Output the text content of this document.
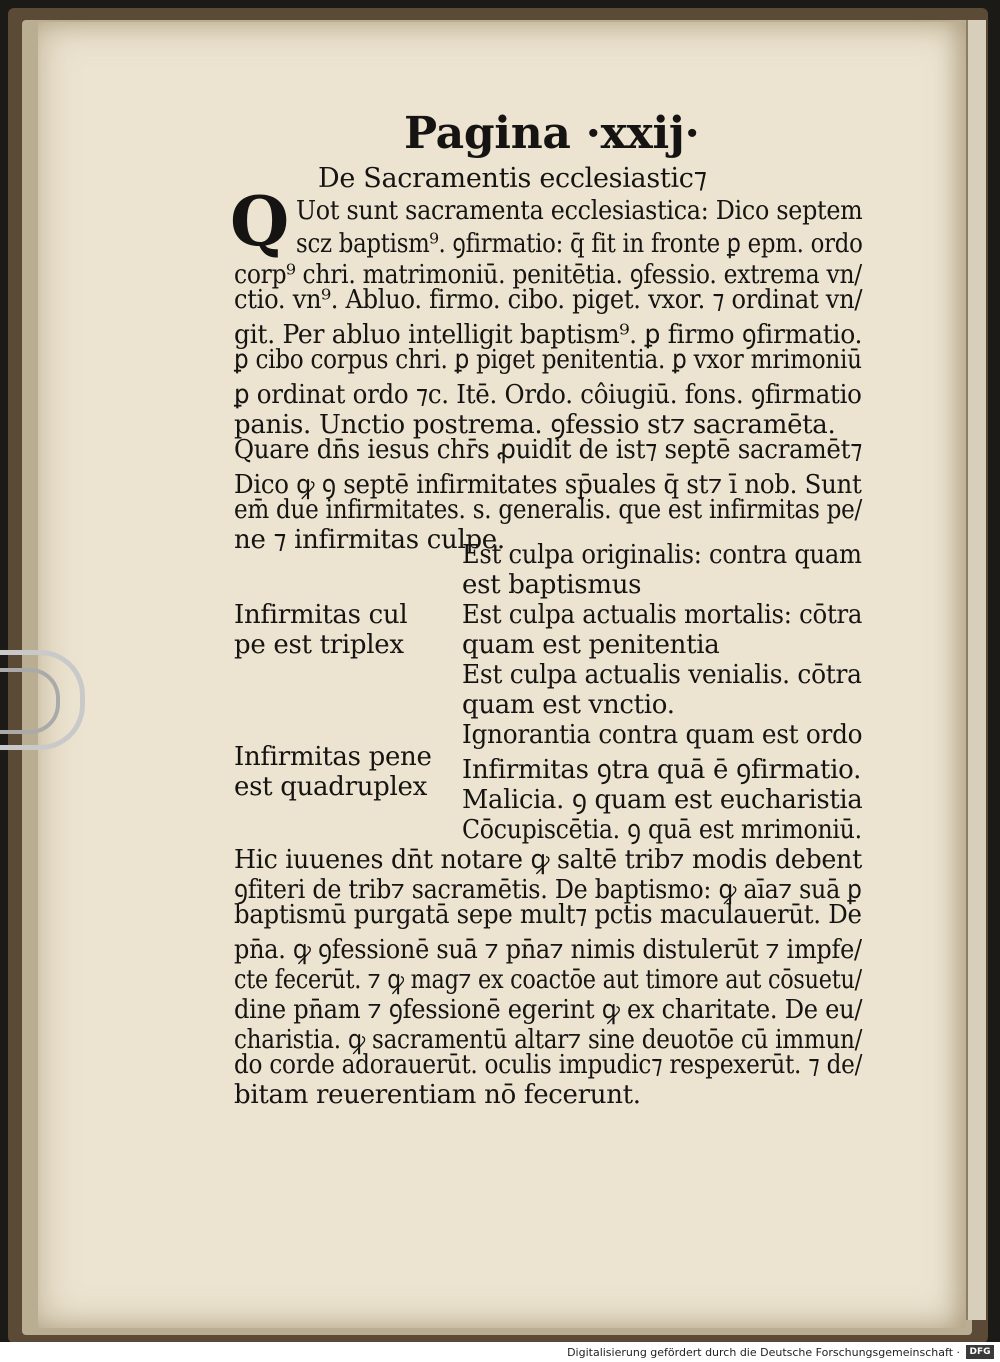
Pagina ·xxij·
De Sacramentis ecclesiastic⁊
Q Uot sunt sacramenta ecclesiastica: Dico septem
scz baptism⁹. ꝯfirmatio: q̄ fit in fronte ꝑ epm. ordo
corp⁹ chri. matrimoniū. penitētia. ꝯfessio. extrema vn/
ctio. vn⁹. Abluo. firmo. cibo. piget. vxor. ⁊ ordinat vn/
git. Per abluo intelligit baptism⁹. ꝑ firmo ꝯfirmatio.
ꝑ cibo corpus chri. ꝑ piget penitentia. ꝑ vxor mrimoniū
ꝑ ordinat ordo ⁊c. Itē. Ordo. côiugiū. fons. ꝯfirmatio
panis. Unctio postrema. ꝯfessio st⁊ sacramēta.
Quare dn̄s iesus chr̄s ꝓuidit de ist⁊ septē sacramēt⁊
Dico ꝙ ꝯ septē infirmitates sp̄uales q̄ st⁊ ī nob. Sunt
em̄ due infirmitates. s. generalis. que est infirmitas pe/
ne ⁊ infirmitas culpe.
Infirmitas cul
pe est triplex
Infirmitas pene
est quadruplex
Est culpa originalis: contra quam
est baptismus
Est culpa actualis mortalis: cōtra
quam est penitentia
Est culpa actualis venialis. cōtra
quam est vnctio.
Ignorantia contra quam est ordo
Infirmitas ꝯtra quā ē ꝯfirmatio.
Malicia. ꝯ quam est eucharistia
Cōcupiscētia. ꝯ quā est mrimoniū.
Hic iuuenes dn̄t notare ꝙ saltē trib⁊ modis debent
ꝯfiteri de trib⁊ sacramētis. De baptismo: ꝙ aīa⁊ suā ꝑ
baptismū purgatā sepe mult⁊ pctis maculauerūt. De
pn̄a. ꝙ ꝯfessionē suā ⁊ pn̄a⁊ nimis distulerūt ⁊ impfe/
cte fecerūt. ⁊ ꝙ mag⁊ ex coactōe aut timore aut cōsuetu/
dine pn̄am ⁊ ꝯfessionē egerint ꝙ ex charitate. De eu/
charistia. ꝙ sacramentū altar⁊ sine deuotōe cū immun/
do corde adorauerūt. oculis impudic⁊ respexerūt. ⁊ de/
bitam reuerentiam nō fecerunt.
Digitalisierung gefördert durch die Deutsche Forschungsgemeinschaft ·	DFG
